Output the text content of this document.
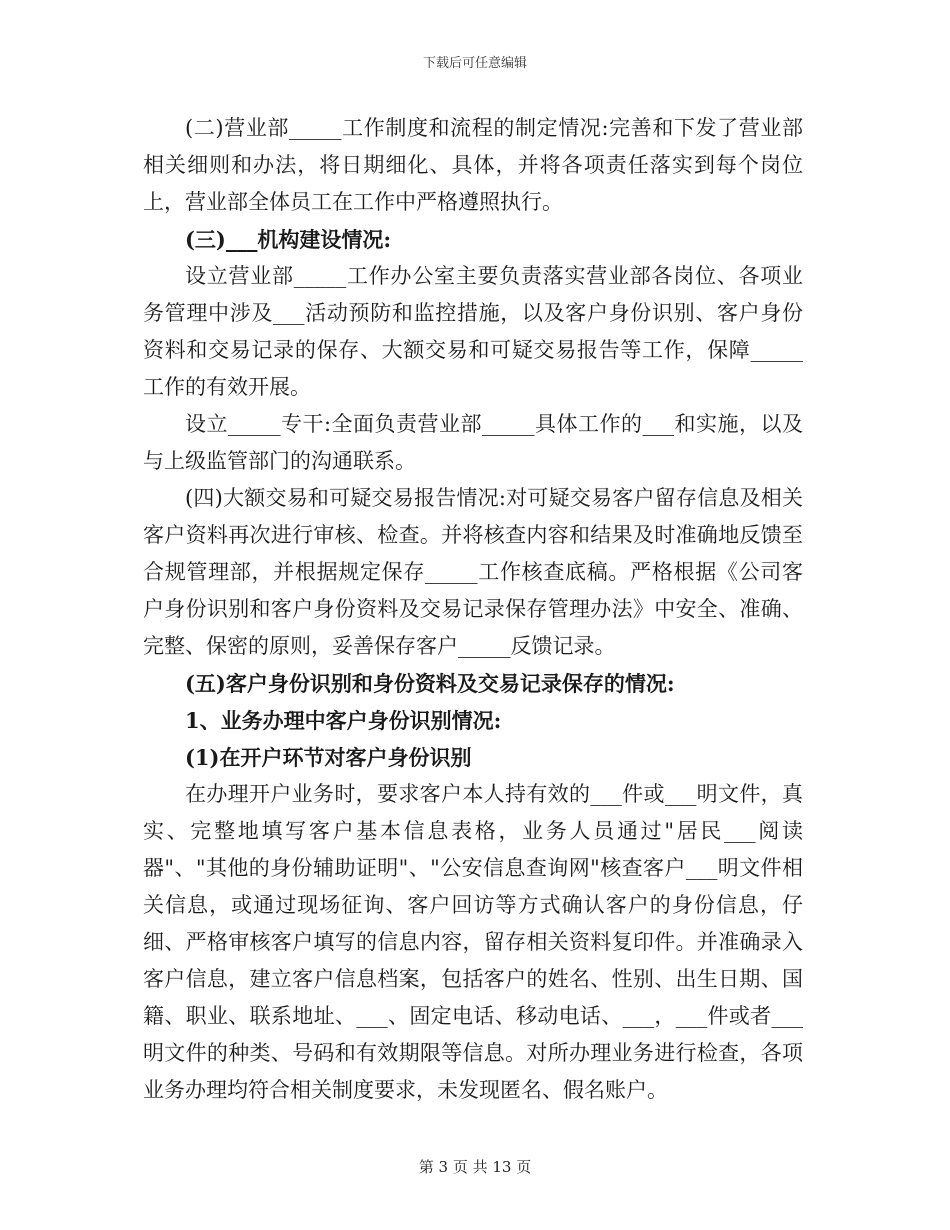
下载后可任意编辑

(二)营业部_____工作制度和流程的制定情况:完善和下发了营业部相关细则和办法，将日期细化、具体，并将各项责任落实到每个岗位上，营业部全体员工在工作中严格遵照执行。

(三)___机构建设情况:

设立营业部_____工作办公室主要负责落实营业部各岗位、各项业务管理中涉及___活动预防和监控措施，以及客户身份识别、客户身份资料和交易记录的保存、大额交易和可疑交易报告等工作，保障_____工作的有效开展。

设立_____专干:全面负责营业部_____具体工作的___和实施，以及与上级监管部门的沟通联系。

(四)大额交易和可疑交易报告情况:对可疑交易客户留存信息及相关客户资料再次进行审核、检查。并将核查内容和结果及时准确地反馈至合规管理部，并根据规定保存_____工作核查底稿。严格根据《公司客户身份识别和客户身份资料及交易记录保存管理办法》中安全、准确、完整、保密的原则，妥善保存客户_____反馈记录。

(五)客户身份识别和身份资料及交易记录保存的情况:

1、业务办理中客户身份识别情况:

(1)在开户环节对客户身份识别

在办理开户业务时，要求客户本人持有效的___件或___明文件，真实、完整地填写客户基本信息表格，业务人员通过"居民___阅读器"、"其他的身份辅助证明"、"公安信息查询网"核查客户___明文件相关信息，或通过现场征询、客户回访等方式确认客户的身份信息，仔细、严格审核客户填写的信息内容，留存相关资料复印件。并准确录入客户信息，建立客户信息档案，包括客户的姓名、性别、出生日期、国籍、职业、联系地址、___、固定电话、移动电话、___，___件或者___明文件的种类、号码和有效期限等信息。对所办理业务进行检查，各项业务办理均符合相关制度要求，未发现匿名、假名账户。

第 3 页 共 13 页
